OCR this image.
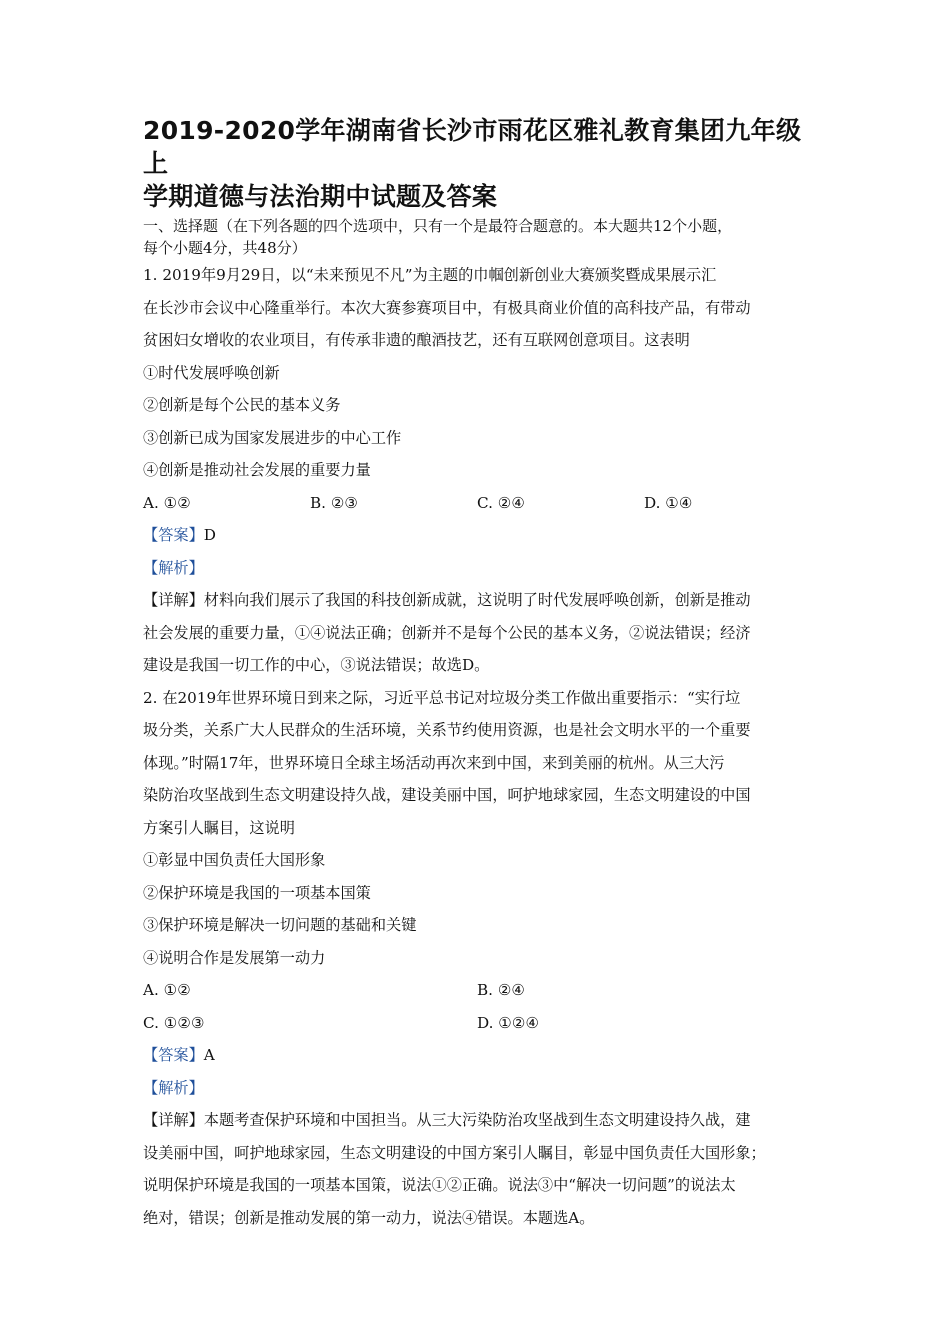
2019-2020学年湖南省长沙市雨花区雅礼教育集团九年级上
学期道德与法治期中试题及答案
一、选择题（在下列各题的四个选项中，只有一个是最符合题意的。本大题共12个小题，
每个小题4分，共48分）

1. 2019年9月29日，以“未来预见不凡”为主题的巾帼创新创业大赛颁奖暨成果展示汇

在长沙市会议中心隆重举行。本次大赛参赛项目中，有极具商业价值的高科技产品，有带动

贫困妇女增收的农业项目，有传承非遗的酿酒技艺，还有互联网创意项目。这表明

①时代发展呼唤创新

②创新是每个公民的基本义务

③创新已成为国家发展进步的中心工作

④创新是推动社会发展的重要力量

A. ①②	B. ②③	C. ②④	D. ①④

【答案】D

【解析】

【详解】材料向我们展示了我国的科技创新成就，这说明了时代发展呼唤创新，创新是推动

社会发展的重要力量，①④说法正确；创新并不是每个公民的基本义务，②说法错误；经济

建设是我国一切工作的中心，③说法错误；故选D。

2. 在2019年世界环境日到来之际，习近平总书记对垃圾分类工作做出重要指示：“实行垃

圾分类，关系广大人民群众的生活环境，关系节约使用资源，也是社会文明水平的一个重要

体现。”时隔17年，世界环境日全球主场活动再次来到中国，来到美丽的杭州。从三大污

染防治攻坚战到生态文明建设持久战，建设美丽中国，呵护地球家园，生态文明建设的中国

方案引人瞩目，这说明

①彰显中国负责任大国形象

②保护环境是我国的一项基本国策

③保护环境是解决一切问题的基础和关键

④说明合作是发展第一动力

A. ①②	B. ②④
C. ①②③	D. ①②④

【答案】A

【解析】

【详解】本题考查保护环境和中国担当。从三大污染防治攻坚战到生态文明建设持久战，建

设美丽中国，呵护地球家园，生态文明建设的中国方案引人瞩目，彰显中国负责任大国形象；

说明保护环境是我国的一项基本国策，说法①②正确。说法③中“解决一切问题”的说法太

绝对，错误；创新是推动发展的第一动力，说法④错误。本题选A。
